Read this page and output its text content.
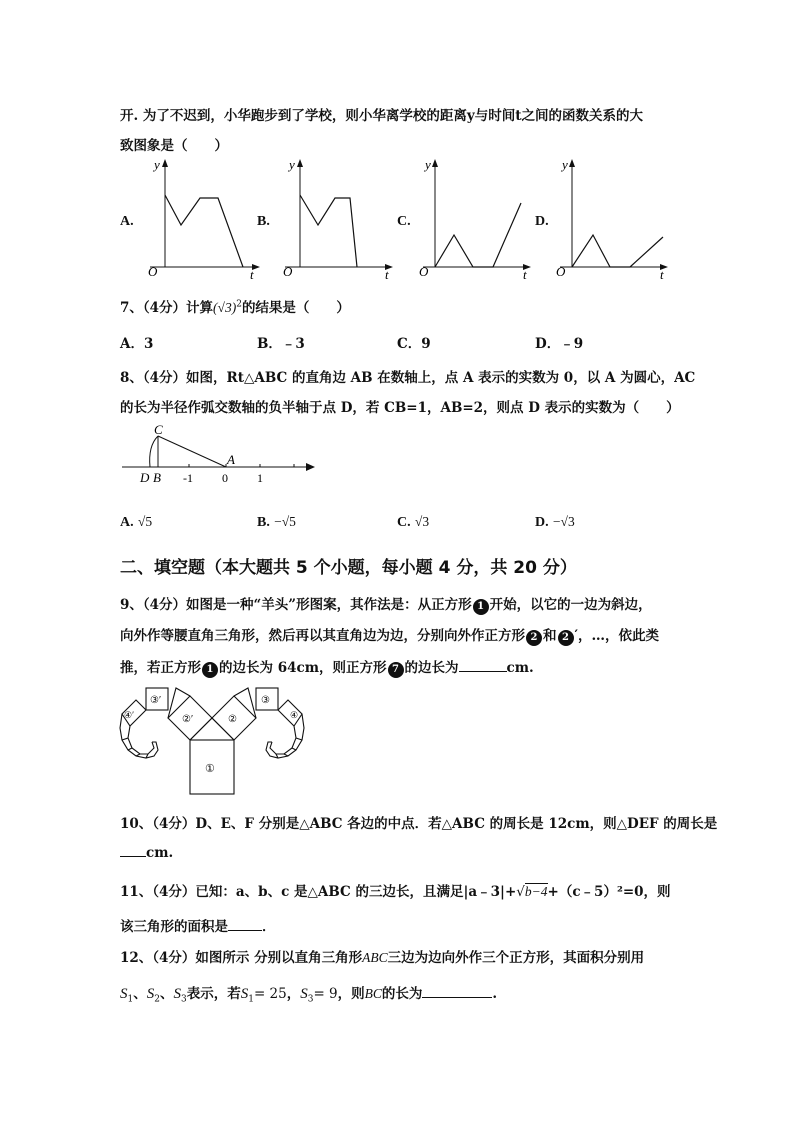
开. 为了不迟到，小华跑步到了学校，则小华离学校的距离y与时间t之间的函数关系的大
致图象是（　　）
A.
y
O	t
B.
y
O	t
C.
y
O	t
D.
y
O	t
7、（4分）计算$(√3)^2$的结果是（　　）
A．3	B．﹣3	C．9	D．﹣9
8、（4分）如图，Rt△ABC 的直角边 AB 在数轴上，点 A 表示的实数为 0，以 A 为圆心，AC
的长为半径作弧交数轴的负半轴于点 D，若 CB=1，AB=2，则点 D 表示的实数为（　　）
C
A
D B -1 0 1
A. √5	B. −√5	C. √3	D. −√3
二、填空题（本大题共 5 个小题，每小题 4 分，共 20 分）
9、（4分）如图是一种“羊头”形图案，其作法是：从正方形 1 开始，以它的一边为斜边，
向外作等腰直角三角形，然后再以其直角边为边，分别向外作正方形 2 和 2 ′，…，依此类
推，若正方形 1 的边长为 64cm，则正方形 7 的边长为	cm.
①
②′	②
③′	③
④′	④
10、（4分）D、E、F 分别是△ABC 各边的中点．若△ABC 的周长是 12cm，则△DEF 的周长是
cm.
11、（4分）已知：a、b、c 是△ABC 的三边长，且满足|a﹣3|+√b−4+（c﹣5）²=0，则
该三角形的面积是	．
12、（4分）如图所示 分别以直角三角形ABC三边为边向外作三个正方形，其面积分别用
$S_1$、$S_2$、$S_3$表示，若$S_1= 25$，$S_3= 9$，则BC的长为	.
